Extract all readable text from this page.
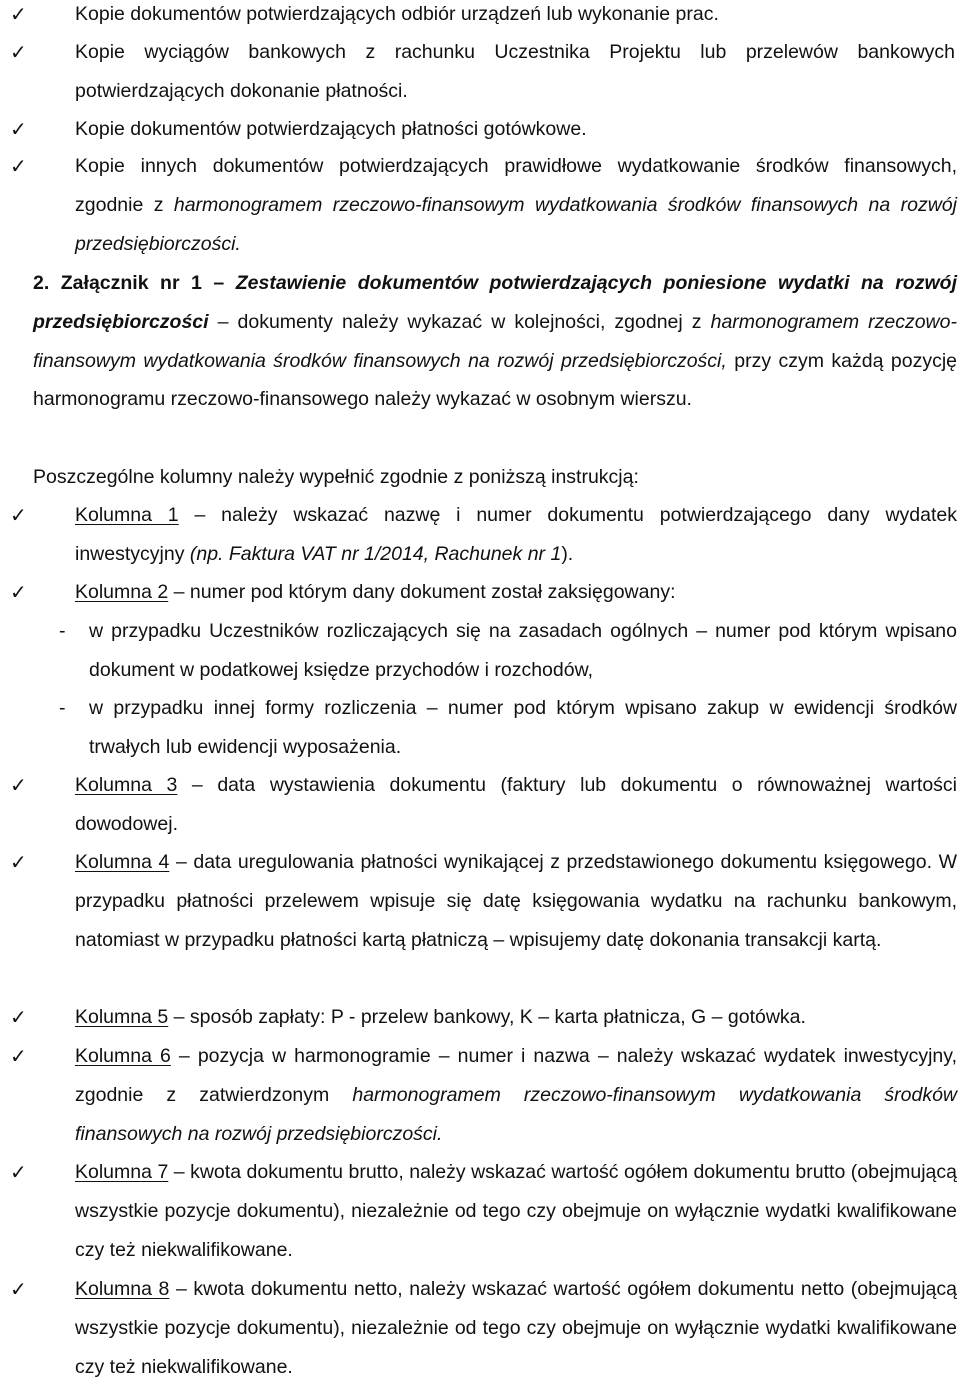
✓ Kopie dokumentów potwierdzających odbiór urządzeń lub wykonanie prac.
✓ Kopie wyciągów bankowych z rachunku Uczestnika Projektu lub przelewów bankowych potwierdzających dokonanie płatności.
✓ Kopie dokumentów potwierdzających płatności gotówkowe.
✓ Kopie innych dokumentów potwierdzających prawidłowe wydatkowanie środków finansowych, zgodnie z harmonogramem rzeczowo-finansowym wydatkowania środków finansowych na rozwój przedsiębiorczości.
2. Załącznik nr 1 – Zestawienie dokumentów potwierdzających poniesione wydatki na rozwój przedsiębiorczości – dokumenty należy wykazać w kolejności, zgodnej z harmonogramem rzeczowo-finansowym wydatkowania środków finansowych na rozwój przedsiębiorczości, przy czym każdą pozycję harmonogramu rzeczowo-finansowego należy wykazać w osobnym wierszu.
Poszczególne kolumny należy wypełnić zgodnie z poniższą instrukcją:
✓ Kolumna 1 – należy wskazać nazwę i numer dokumentu potwierdzającego dany wydatek inwestycyjny (np. Faktura VAT nr 1/2014, Rachunek nr 1).
✓ Kolumna 2 – numer pod którym dany dokument został zaksięgowany:
- w przypadku Uczestników rozliczających się na zasadach ogólnych – numer pod którym wpisano dokument w podatkowej księdze przychodów i rozchodów,
- w przypadku innej formy rozliczenia – numer pod którym wpisano zakup w ewidencji środków trwałych lub ewidencji wyposażenia.
✓ Kolumna 3 – data wystawienia dokumentu (faktury lub dokumentu o równoważnej wartości dowodowej.
✓ Kolumna 4 – data uregulowania płatności wynikającej z przedstawionego dokumentu księgowego. W przypadku płatności przelewem wpisuje się datę księgowania wydatku na rachunku bankowym, natomiast w przypadku płatności kartą płatniczą – wpisujemy datę dokonania transakcji kartą.
✓ Kolumna 5 – sposób zapłaty: P - przelew bankowy, K – karta płatnicza, G – gotówka.
✓ Kolumna 6 – pozycja w harmonogramie – numer i nazwa – należy wskazać wydatek inwestycyjny, zgodnie z zatwierdzonym harmonogramem rzeczowo-finansowym wydatkowania środków finansowych na rozwój przedsiębiorczości.
✓ Kolumna 7 – kwota dokumentu brutto, należy wskazać wartość ogółem dokumentu brutto (obejmującą wszystkie pozycje dokumentu), niezależnie od tego czy obejmuje on wyłącznie wydatki kwalifikowane czy też niekwalifikowane.
✓ Kolumna 8 – kwota dokumentu netto, należy wskazać wartość ogółem dokumentu netto (obejmującą wszystkie pozycje dokumentu), niezależnie od tego czy obejmuje on wyłącznie wydatki kwalifikowane czy też niekwalifikowane.
